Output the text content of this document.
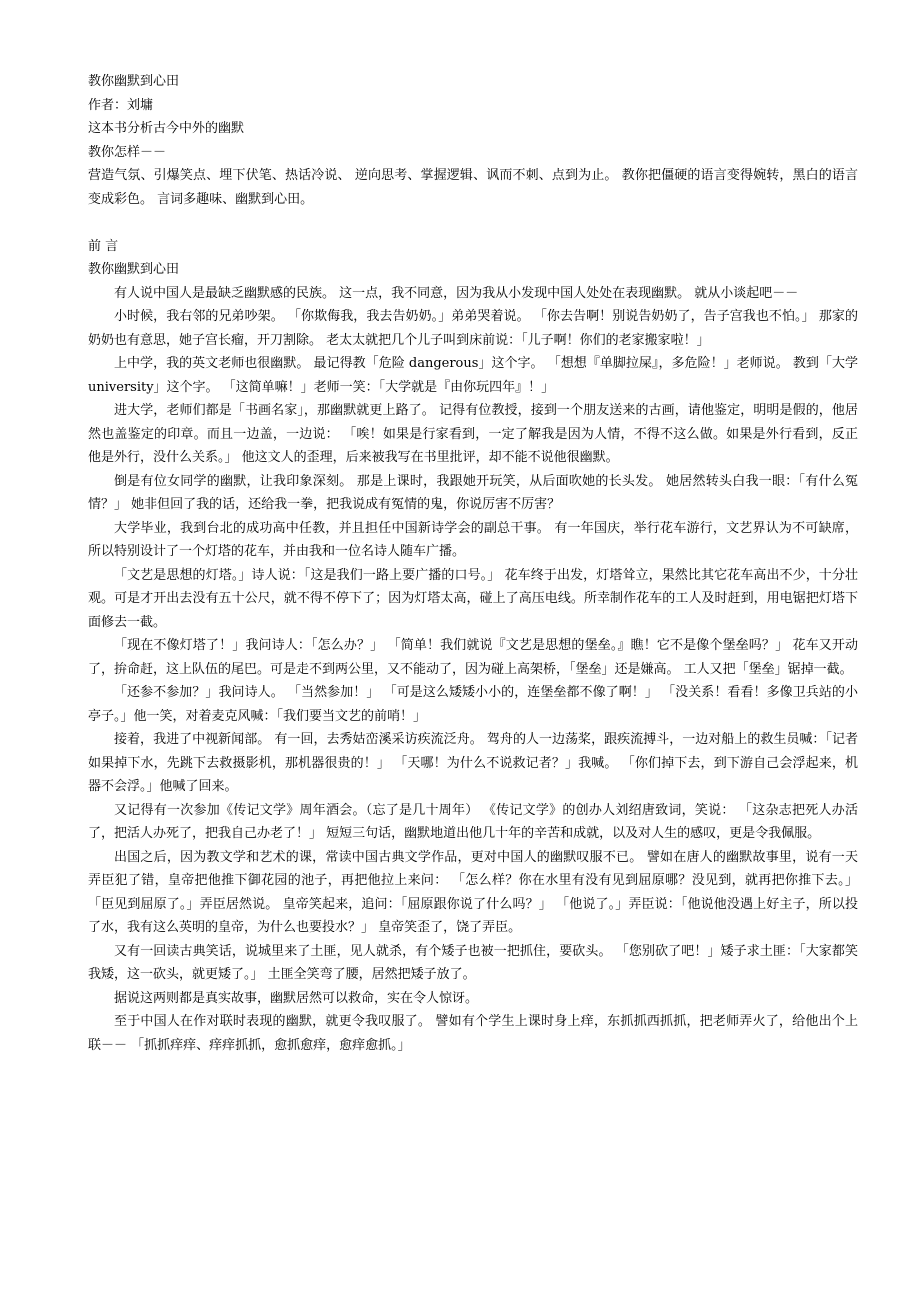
教你幽默到心田

作者：刘墉

这本书分析古今中外的幽默

教你怎样－－

营造气氛、引爆笑点、埋下伏笔、热话冷说、 逆向思考、掌握逻辑、讽而不刺、点到为止。 教你把僵硬的语言变得婉转，黑白的语言变成彩色。 言词多趣味、幽默到心田。

前 言

教你幽默到心田

有人说中国人是最缺乏幽默感的民族。 这一点，我不同意，因为我从小发现中国人处处在表现幽默。 就从小谈起吧－－

小时候，我右邻的兄弟吵架。 「你欺侮我，我去告奶奶。」弟弟哭着说。 「你去告啊！别说告奶奶了，告子宫我也不怕。」 那家的奶奶也有意思，她子宫长瘤，开刀割除。 老太太就把几个儿子叫到床前说：「儿子啊！你们的老家搬家啦！」

上中学，我的英文老师也很幽默。 最记得教「危险 dangerous」这个字。 「想想『单脚拉屎』，多危险！」老师说。 教到「大学 university」这个字。 「这简单嘛！」老师一笑：「大学就是『由你玩四年』！」

进大学，老师们都是「书画名家」，那幽默就更上路了。 记得有位教授，接到一个朋友送来的古画，请他鉴定，明明是假的，他居然也盖鉴定的印章。而且一边盖，一边说： 「唉！如果是行家看到，一定了解我是因为人情，不得不这么做。如果是外行看到，反正他是外行，没什么关系。」 他这文人的歪理，后来被我写在书里批评，却不能不说他很幽默。

倒是有位女同学的幽默，让我印象深刻。 那是上课时，我跟她开玩笑，从后面吹她的长头发。 她居然转头白我一眼：「有什么冤情？」 她非但回了我的话，还给我一拳，把我说成有冤情的鬼，你说厉害不厉害？

大学毕业，我到台北的成功高中任教，并且担任中国新诗学会的副总干事。 有一年国庆，举行花车游行，文艺界认为不可缺席，所以特别设计了一个灯塔的花车，并由我和一位名诗人随车广播。

「文艺是思想的灯塔。」诗人说：「这是我们一路上要广播的口号。」 花车终于出发，灯塔耸立，果然比其它花车高出不少，十分壮观。可是才开出去没有五十公尺，就不得不停下了；因为灯塔太高，碰上了高压电线。所幸制作花车的工人及时赶到，用电锯把灯塔下面修去一截。

「现在不像灯塔了！」我问诗人：「怎么办？」 「简单！我们就说『文艺是思想的堡垒。』瞧！它不是像个堡垒吗？」 花车又开动了，拚命赶，这上队伍的尾巴。可是走不到两公里，又不能动了，因为碰上高架桥，「堡垒」还是嫌高。 工人又把「堡垒」锯掉一截。

「还参不参加？」我问诗人。 「当然参加！」 「可是这么矮矮小小的，连堡垒都不像了啊！」 「没关系！看看！多像卫兵站的小亭子。」他一笑，对着麦克风喊：「我们要当文艺的前哨！」

接着，我进了中视新闻部。 有一回，去秀姑峦溪采访疾流泛舟。 驾舟的人一边荡桨，跟疾流搏斗，一边对船上的救生员喊：「记者如果掉下水，先跳下去救摄影机，那机器很贵的！」 「天哪！为什么不说救记者？」我喊。 「你们掉下去，到下游自己会浮起来，机器不会浮。」他喊了回来。

又记得有一次参加《传记文学》周年酒会。（忘了是几十周年） 《传记文学》的创办人刘绍唐致词，笑说： 「这杂志把死人办活了，把活人办死了，把我自己办老了！」 短短三句话，幽默地道出他几十年的辛苦和成就，以及对人生的感叹，更是令我佩服。

出国之后，因为教文学和艺术的课，常读中国古典文学作品，更对中国人的幽默叹服不已。 譬如在唐人的幽默故事里，说有一天弄臣犯了错，皇帝把他推下御花园的池子，再把他拉上来问： 「怎么样？你在水里有没有见到屈原哪？没见到，就再把你推下去。」 「臣见到屈原了。」弄臣居然说。 皇帝笑起来，追问：「屈原跟你说了什么吗？」 「他说了。」弄臣说：「他说他没遇上好主子，所以投了水，我有这么英明的皇帝，为什么也要投水？」 皇帝笑歪了，饶了弄臣。

又有一回读古典笑话，说城里来了土匪，见人就杀，有个矮子也被一把抓住，要砍头。 「您别砍了吧！」矮子求土匪：「大家都笑我矮，这一砍头，就更矮了。」 土匪全笑弯了腰，居然把矮子放了。

据说这两则都是真实故事，幽默居然可以救命，实在令人惊讶。

至于中国人在作对联时表现的幽默，就更令我叹服了。 譬如有个学生上课时身上痒，东抓抓西抓抓，把老师弄火了，给他出个上联－－ 「抓抓痒痒、痒痒抓抓，愈抓愈痒，愈痒愈抓。」
